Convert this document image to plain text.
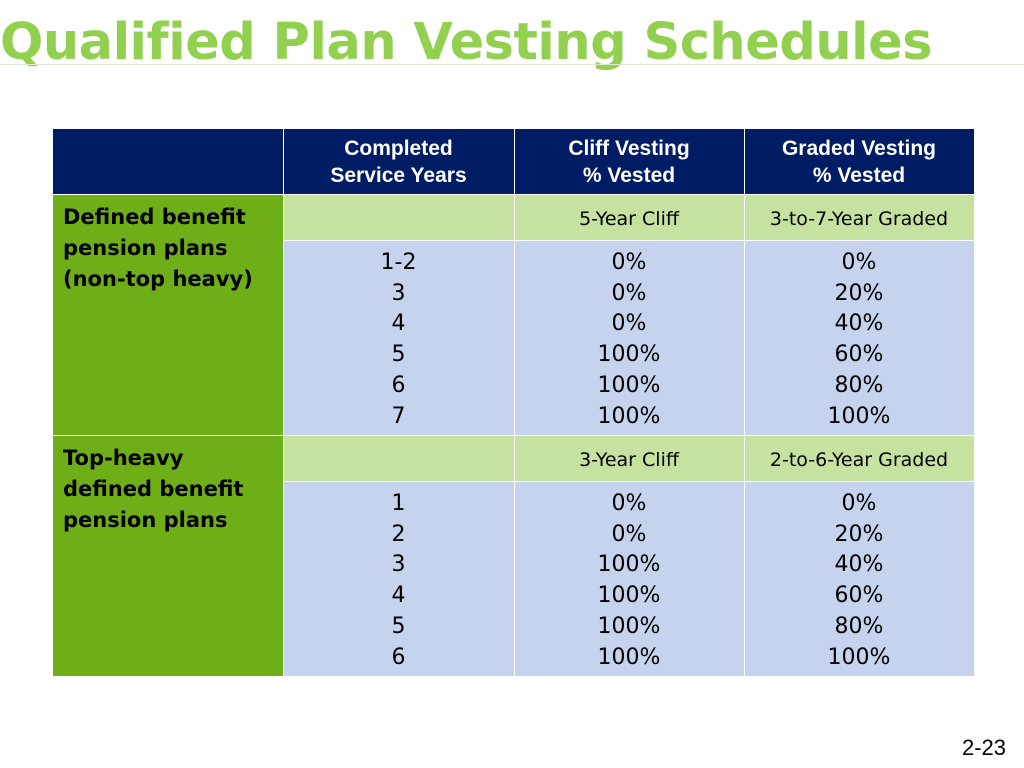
Qualified Plan Vesting Schedules
Completed
Service Years
Cliff Vesting
% Vested
Graded Vesting
% Vested
Defined benefit
pension plans
(non-top heavy)
5-Year Cliff	3-to-7-Year Graded
1-2
3
4
5
6
7
0%
0%
0%
100%
100%
100%
0%
20%
40%
60%
80%
100%
Top-heavy
defined benefit
pension plans
3-Year Cliff	2-to-6-Year Graded
1
2
3
4
5
6
0%
0%
100%
100%
100%
100%
0%
20%
40%
60%
80%
100%
2-23
